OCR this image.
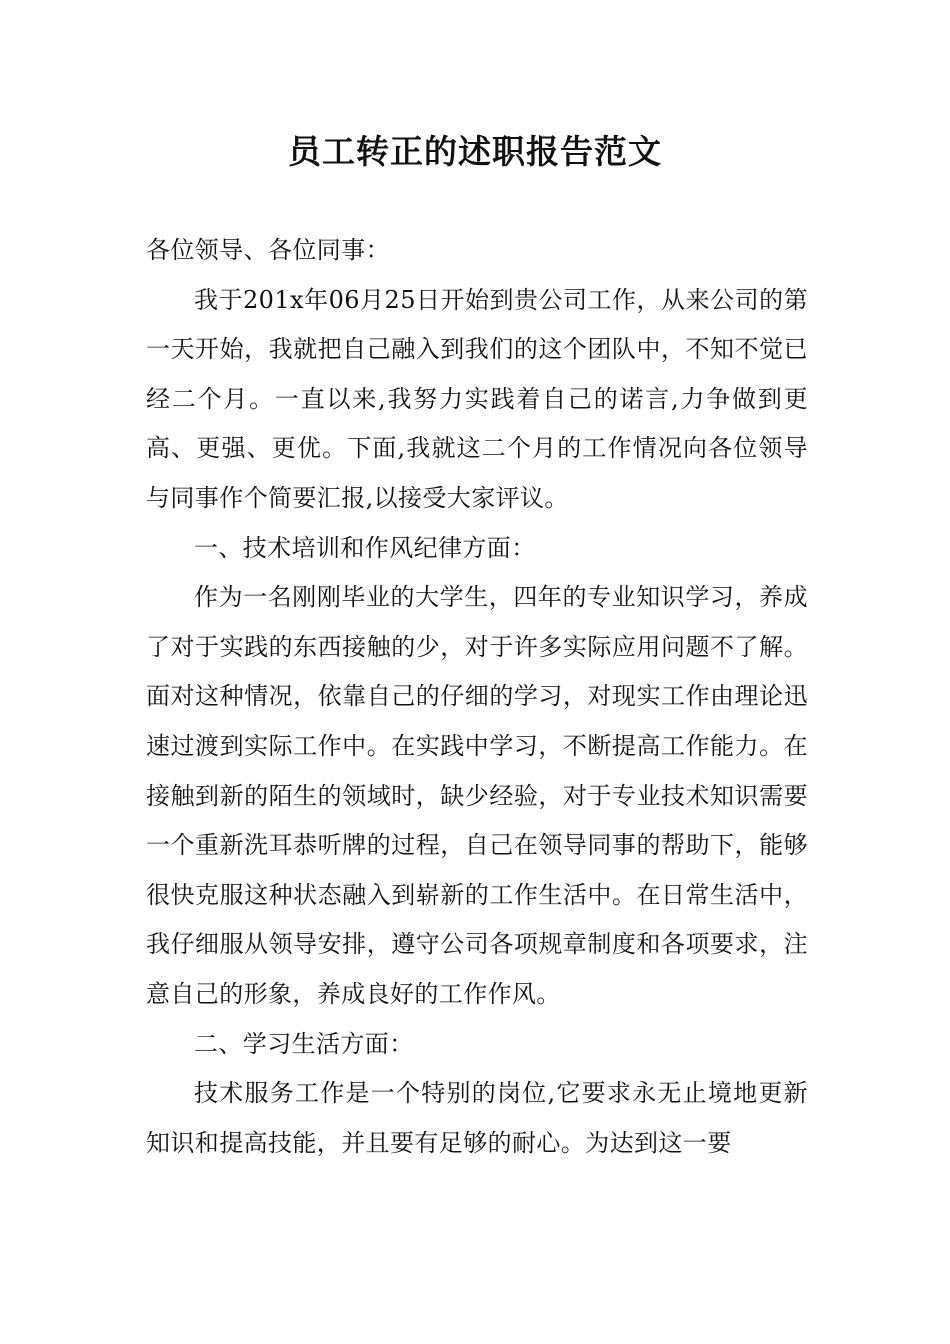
员工转正的述职报告范文

各位领导、各位同事：

我于201x年06月25日开始到贵公司工作，从来公司的第一天开始，我就把自己融入到我们的这个团队中，不知不觉已经二个月。一直以来,我努力实践着自己的诺言,力争做到更高、更强、更优。下面,我就这二个月的工作情况向各位领导与同事作个简要汇报,以接受大家评议。

一、技术培训和作风纪律方面：

作为一名刚刚毕业的大学生，四年的专业知识学习，养成了对于实践的东西接触的少，对于许多实际应用问题不了解。面对这种情况，依靠自己的仔细的学习，对现实工作由理论迅速过渡到实际工作中。在实践中学习，不断提高工作能力。在接触到新的陌生的领域时，缺少经验，对于专业技术知识需要一个重新洗耳恭听牌的过程，自己在领导同事的帮助下，能够很快克服这种状态融入到崭新的工作生活中。在日常生活中，我仔细服从领导安排，遵守公司各项规章制度和各项要求，注意自己的形象，养成良好的工作作风。

二、学习生活方面：

技术服务工作是一个特别的岗位,它要求永无止境地更新知识和提高技能，并且要有足够的耐心。为达到这一要
